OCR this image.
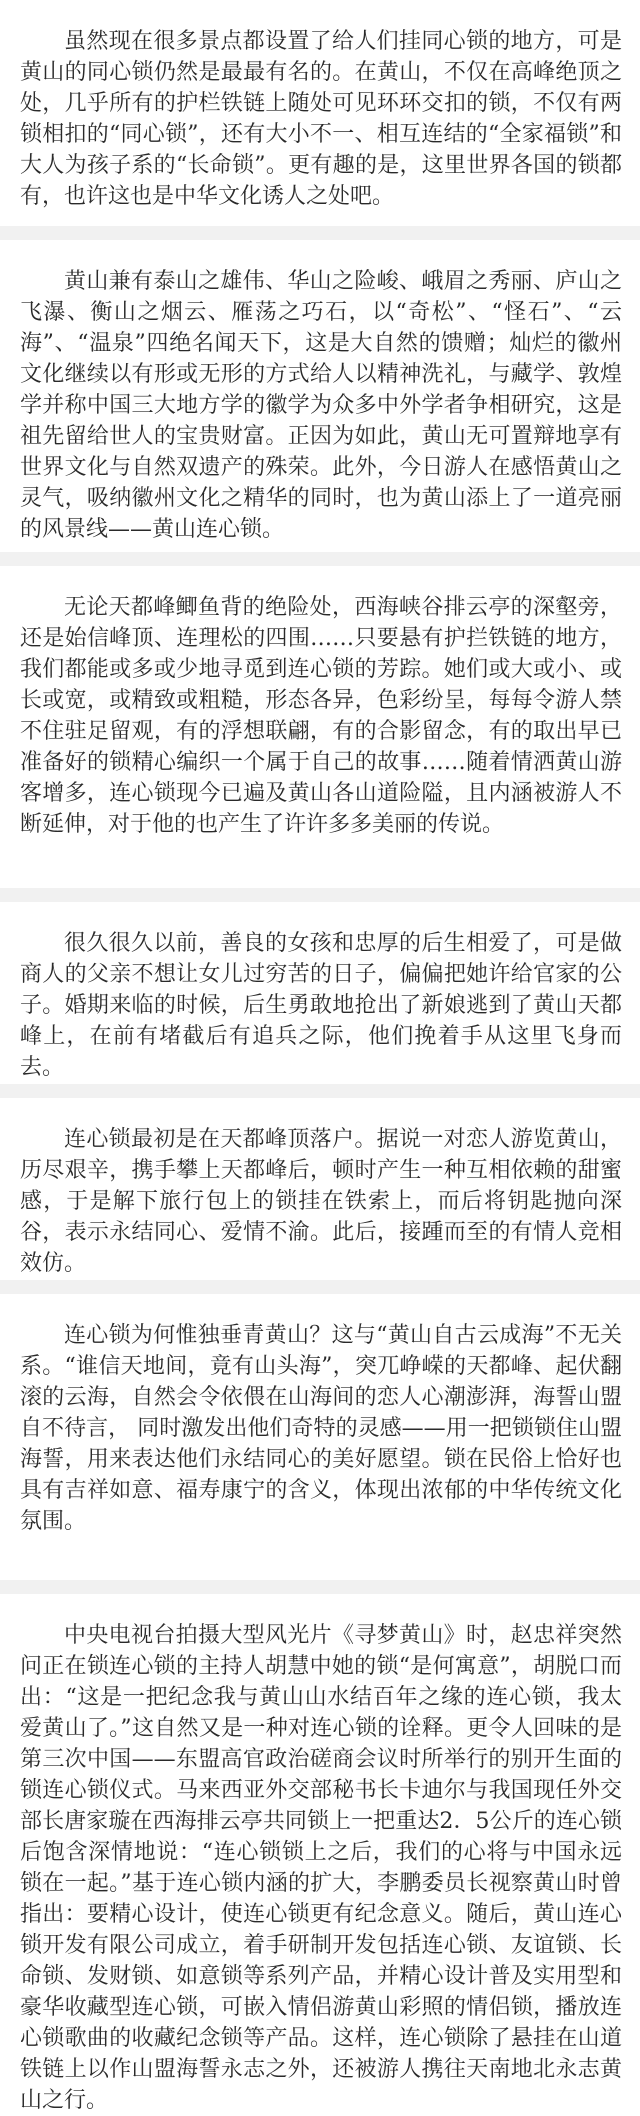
虽然现在很多景点都设置了给人们挂同心锁的地方，可是黄山的同心锁仍然是最最有名的。在黄山，不仅在高峰绝顶之处，几乎所有的护栏铁链上随处可见环环交扣的锁，不仅有两锁相扣的“同心锁”，还有大小不一、相互连结的“全家福锁”和大人为孩子系的“长命锁”。更有趣的是，这里世界各国的锁都有，也许这也是中华文化诱人之处吧。

黄山兼有泰山之雄伟、华山之险峻、峨眉之秀丽、庐山之飞瀑、衡山之烟云、雁荡之巧石，以“奇松”、“怪石”、“云海”、“温泉”四绝名闻天下，这是大自然的馈赠；灿烂的徽州文化继续以有形或无形的方式给人以精神洗礼，与藏学、敦煌学并称中国三大地方学的徽学为众多中外学者争相研究，这是祖先留给世人的宝贵财富。正因为如此，黄山无可置辩地享有世界文化与自然双遗产的殊荣。此外，今日游人在感悟黄山之灵气，吸纳徽州文化之精华的同时，也为黄山添上了一道亮丽的风景线——黄山连心锁。

无论天都峰鲫鱼背的绝险处，西海峡谷排云亭的深壑旁，还是始信峰顶、连理松的四围……只要悬有护拦铁链的地方，我们都能或多或少地寻觅到连心锁的芳踪。她们或大或小、或长或宽，或精致或粗糙，形态各异，色彩纷呈，每每令游人禁不住驻足留观，有的浮想联翩，有的合影留念，有的取出早已准备好的锁精心编织一个属于自己的故事……随着情洒黄山游客增多，连心锁现今已遍及黄山各山道险隘，且内涵被游人不断延伸，对于他的也产生了许许多多美丽的传说。

很久很久以前，善良的女孩和忠厚的后生相爱了，可是做商人的父亲不想让女儿过穷苦的日子，偏偏把她许给官家的公子。婚期来临的时候，后生勇敢地抢出了新娘逃到了黄山天都峰上，在前有堵截后有追兵之际，他们挽着手从这里飞身而去。

连心锁最初是在天都峰顶落户。据说一对恋人游览黄山，历尽艰辛，携手攀上天都峰后，顿时产生一种互相依赖的甜蜜感，于是解下旅行包上的锁挂在铁索上，而后将钥匙抛向深谷，表示永结同心、爱情不渝。此后，接踵而至的有情人竞相效仿。

连心锁为何惟独垂青黄山？这与“黄山自古云成海”不无关系。“谁信天地间，竟有山头海”，突兀峥嵘的天都峰、起伏翻滚的云海，自然会令依偎在山海间的恋人心潮澎湃，海誓山盟自不待言， 同时激发出他们奇特的灵感——用一把锁锁住山盟海誓，用来表达他们永结同心的美好愿望。锁在民俗上恰好也具有吉祥如意、福寿康宁的含义，体现出浓郁的中华传统文化氛围。

中央电视台拍摄大型风光片《寻梦黄山》时，赵忠祥突然问正在锁连心锁的主持人胡慧中她的锁“是何寓意”，胡脱口而出：“这是一把纪念我与黄山山水结百年之缘的连心锁，我太爱黄山了。”这自然又是一种对连心锁的诠释。更令人回味的是第三次中国——东盟高官政治磋商会议时所举行的别开生面的锁连心锁仪式。马来西亚外交部秘书长卡迪尔与我国现任外交部长唐家璇在西海排云亭共同锁上一把重达2．5公斤的连心锁后饱含深情地说：“连心锁锁上之后，我们的心将与中国永远锁在一起。”基于连心锁内涵的扩大，李鹏委员长视察黄山时曾指出：要精心设计，使连心锁更有纪念意义。随后，黄山连心锁开发有限公司成立，着手研制开发包括连心锁、友谊锁、长命锁、发财锁、如意锁等系列产品，并精心设计普及实用型和豪华收藏型连心锁，可嵌入情侣游黄山彩照的情侣锁，播放连心锁歌曲的收藏纪念锁等产品。这样，连心锁除了悬挂在山道铁链上以作山盟海誓永志之外，还被游人携往天南地北永志黄山之行。
